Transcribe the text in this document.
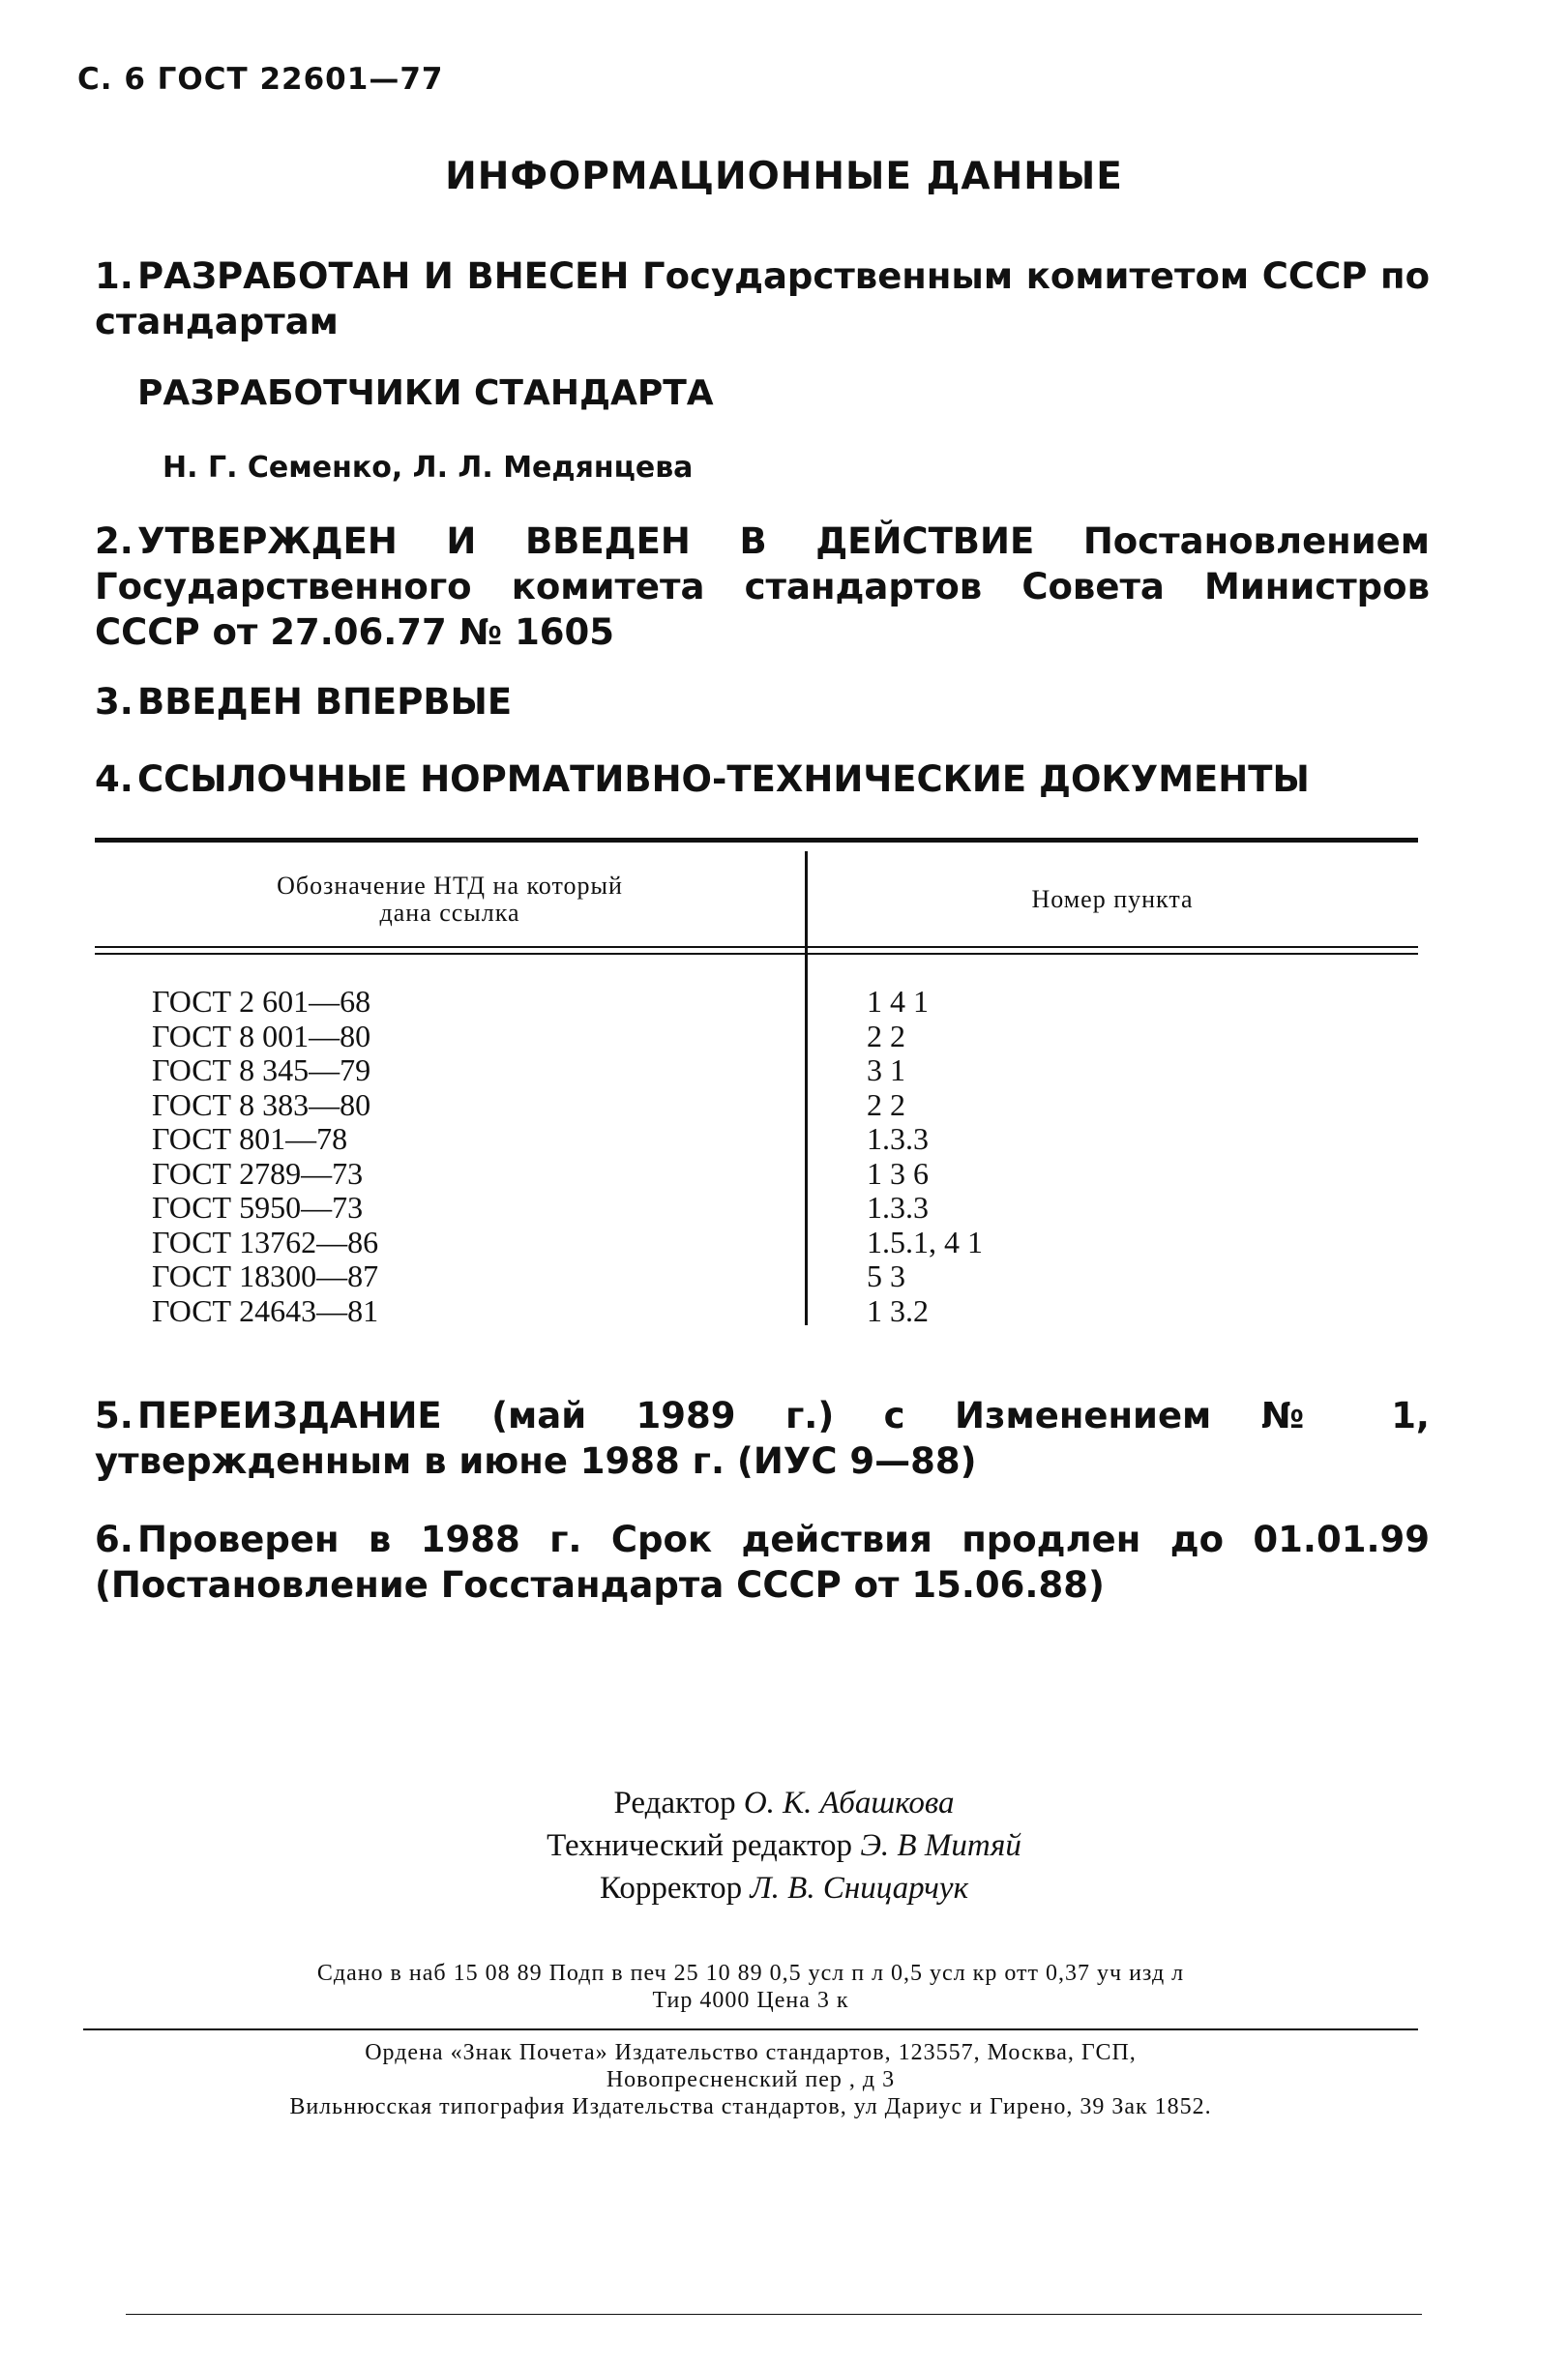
С. 6 ГОСТ 22601—77
ИНФОРМАЦИОННЫЕ ДАННЫЕ
1. РАЗРАБОТАН И ВНЕСЕН Государственным комитетом СССР по стандартам
РАЗРАБОТЧИКИ СТАНДАРТА
Н. Г. Семенко, Л. Л. Медянцева
2. УТВЕРЖДЕН И ВВЕДЕН В ДЕЙСТВИЕ Постановлением Государственного комитета стандартов Совета Министров СССР от 27.06.77 № 1605
3. ВВЕДЕН ВПЕРВЫЕ
4. ССЫЛОЧНЫЕ НОРМАТИВНО-ТЕХНИЧЕСКИЕ ДОКУМЕНТЫ
Обозначение НТД на который
дана ссылка	Номер пункта
ГОСТ 2 601—68
ГОСТ 8 001—80
ГОСТ 8 345—79
ГОСТ 8 383—80
ГОСТ 801—78
ГОСТ 2789—73
ГОСТ 5950—73
ГОСТ 13762—86
ГОСТ 18300—87
ГОСТ 24643—81
1 4 1
2 2
3 1
2 2
1.3.3
1 3 6
1.3.3
1.5.1, 4 1
5 3
1 3.2
5. ПЕРЕИЗДАНИЕ (май 1989 г.) с Изменением № 1, утвержденным в июне 1988 г. (ИУС 9—88)
6. Проверен в 1988 г. Срок действия продлен до 01.01.99 (Постановление Госстандарта СССР от 15.06.88)
Редактор О. К. Абашкова
Технический редактор Э. В Митяй
Корректор Л. В. Сницарчук
Сдано в наб 15 08 89 Подп в печ 25 10 89 0,5 усл п л 0,5 усл кр отт 0,37 уч изд л
Тир 4000 Цена 3 к
Ордена «Знак Почета» Издательство стандартов, 123557, Москва, ГСП,
Новопресненский пер , д 3
Вильнюсская типография Издательства стандартов, ул Дариус и Гирено, 39 Зак 1852.
